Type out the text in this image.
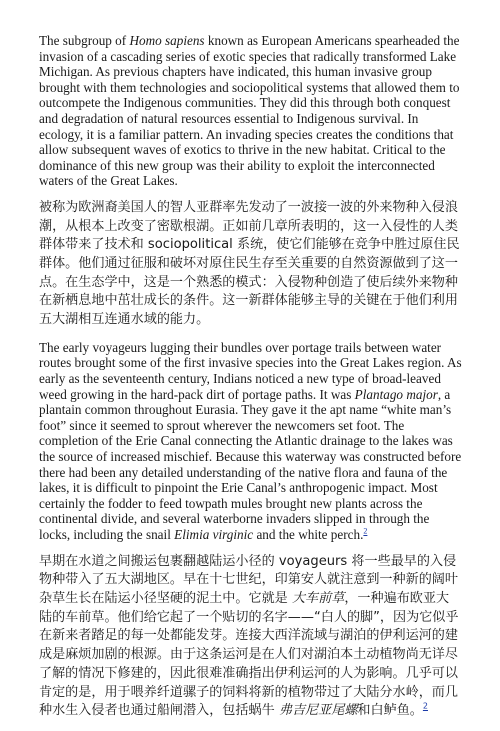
The subgroup of Homo sapiens known as European Americans spearheaded the invasion of a cascading series of exotic species that radically transformed Lake Michigan. As previous chapters have indicated, this human invasive group brought with them technologies and sociopolitical systems that allowed them to outcompete the Indigenous communities. They did this through both conquest and degradation of natural resources essential to Indigenous survival. In ecology, it is a familiar pattern. An invading species creates the conditions that allow subsequent waves of exotics to thrive in the new habitat. Critical to the dominance of this new group was their ability to exploit the interconnected waters of the Great Lakes.

被称为欧洲裔美国人的智人亚群率先发动了一波接一波的外来物种入侵浪潮，从根本上改变了密歇根湖。正如前几章所表明的，这一入侵性的人类群体带来了技术和 sociopolitical 系统，使它们能够在竞争中胜过原住民群体。他们通过征服和破坏对原住民生存至关重要的自然资源做到了这一点。在生态学中，这是一个熟悉的模式：入侵物种创造了使后续外来物种在新栖息地中茁壮成长的条件。这一新群体能够主导的关键在于他们利用五大湖相互连通水域的能力。

The early voyageurs lugging their bundles over portage trails between water routes brought some of the first invasive species into the Great Lakes region. As early as the seventeenth century, Indians noticed a new type of broad-leaved weed growing in the hard-pack dirt of portage paths. It was Plantago major, a plantain common throughout Eurasia. They gave it the apt name “white man’s foot” since it seemed to sprout wherever the newcomers set foot. The completion of the Erie Canal connecting the Atlantic drainage to the lakes was the source of increased mischief. Because this waterway was constructed before there had been any detailed understanding of the native flora and fauna of the lakes, it is difficult to pinpoint the Erie Canal’s anthropogenic impact. Most certainly the fodder to feed towpath mules brought new plants across the continental divide, and several waterborne invaders slipped in through the locks, including the snail Elimia virginic and the white perch.$^2$

早期在水道之间搬运包裹翻越陆运小径的 voyageurs 将一些最早的入侵物种带入了五大湖地区。早在十七世纪，印第安人就注意到一种新的阔叶杂草生长在陆运小径坚硬的泥土中。它就是 大车前草，一种遍布欧亚大陆的车前草。他们给它起了一个贴切的名字——“白人的脚”，因为它似乎在新来者踏足的每一处都能发芽。连接大西洋流域与湖泊的伊利运河的建成是麻烦加剧的根源。由于这条运河是在人们对湖泊本土动植物尚无详尽了解的情况下修建的，因此很难准确指出伊利运河的人为影响。几乎可以肯定的是，用于喂养纤道骡子的饲料将新的植物带过了大陆分水岭，而几种水生入侵者也通过船闸潜入，包括蜗牛 弗吉尼亚尾螺和白鲈鱼。$^2$
